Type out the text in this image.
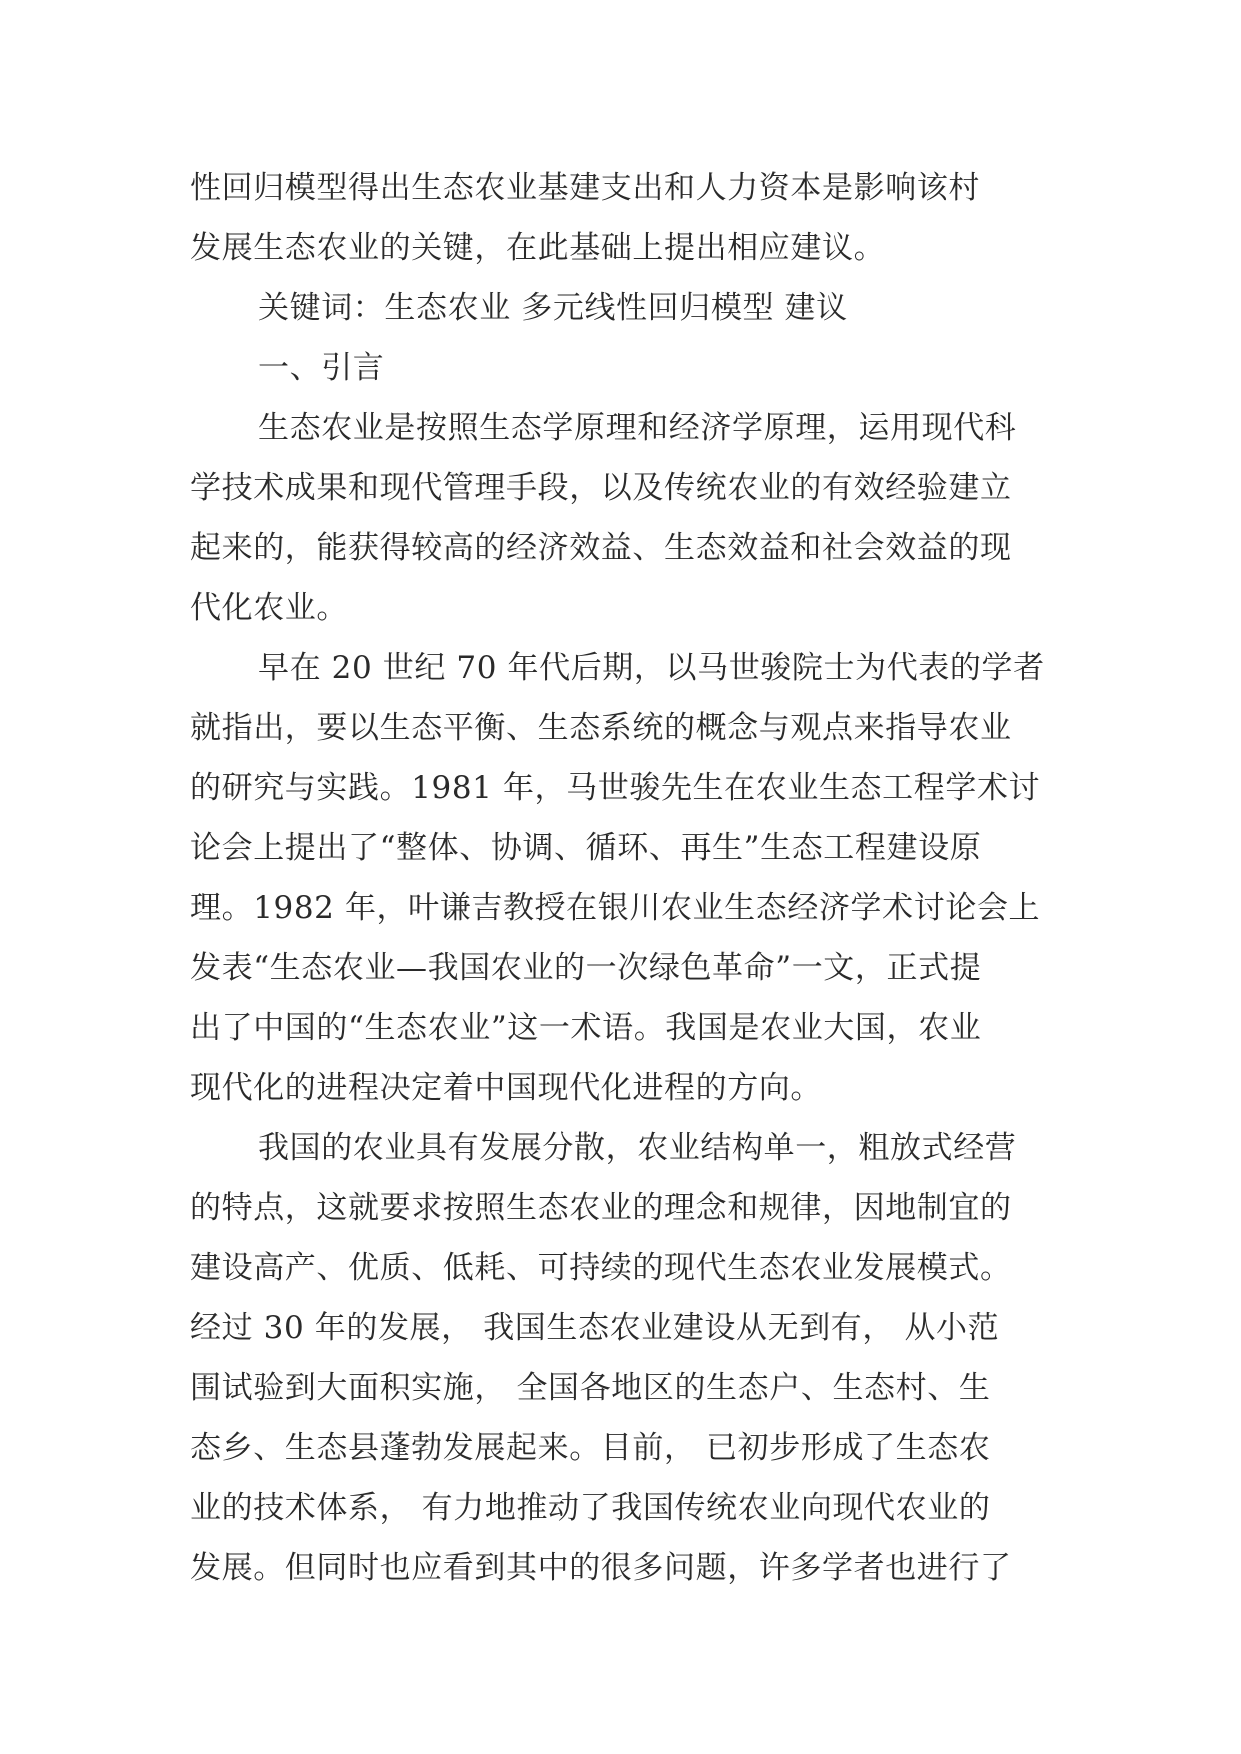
性回归模型得出生态农业基建支出和人力资本是影响该村
发展生态农业的关键，在此基础上提出相应建议。
关键词：生态农业 多元线性回归模型 建议
一、引言
生态农业是按照生态学原理和经济学原理，运用现代科
学技术成果和现代管理手段，以及传统农业的有效经验建立
起来的，能获得较高的经济效益、生态效益和社会效益的现
代化农业。
早在 20 世纪 70 年代后期，以马世骏院士为代表的学者
就指出，要以生态平衡、生态系统的概念与观点来指导农业
的研究与实践。1981 年，马世骏先生在农业生态工程学术讨
论会上提出了“整体、协调、循环、再生”生态工程建设原
理。1982 年，叶谦吉教授在银川农业生态经济学术讨论会上
发表“生态农业—我国农业的一次绿色革命”一文，正式提
出了中国的“生态农业”这一术语。我国是农业大国，农业
现代化的进程决定着中国现代化进程的方向。
我国的农业具有发展分散，农业结构单一，粗放式经营
的特点，这就要求按照生态农业的理念和规律，因地制宜的
建设高产、优质、低耗、可持续的现代生态农业发展模式。
经过 30 年的发展， 我国生态农业建设从无到有， 从小范
围试验到大面积实施， 全国各地区的生态户、生态村、生
态乡、生态县蓬勃发展起来。目前， 已初步形成了生态农
业的技术体系， 有力地推动了我国传统农业向现代农业的
发展。但同时也应看到其中的很多问题，许多学者也进行了
